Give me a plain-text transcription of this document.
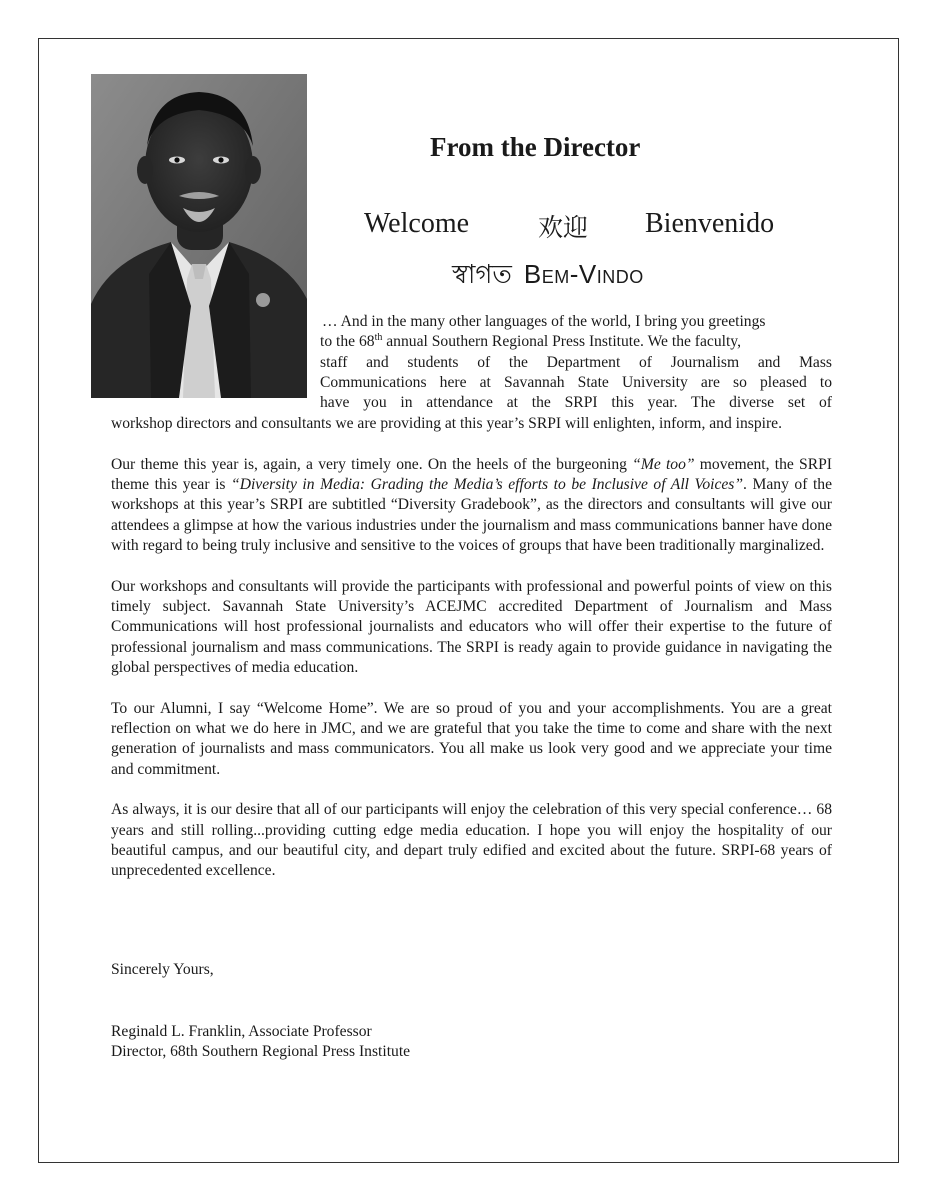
From the Director
Welcome	欢迎 Bienvenido
স্বাগত Bem-Vindo

… And in the many other languages of the world, I bring you greetings

to the 68th annual Southern Regional Press Institute. We the faculty,

staff and students of the Department of Journalism and Mass

Communications here at Savannah State University are so pleased to

have you in attendance at the SRPI this year. The diverse set of

workshop directors and consultants we are providing at this year’s SRPI will enlighten, inform, and inspire.

Our theme this year is, again, a very timely one. On the heels of the burgeoning “Me too” movement, the SRPI theme this year is “Diversity in Media: Grading the Media’s efforts to be Inclusive of All Voices”. Many of the workshops at this year’s SRPI are subtitled “Diversity Gradebook”, as the directors and consultants will give our attendees a glimpse at how the various industries under the journalism and mass communications banner have done with regard to being truly inclusive and sensitive to the voices of groups that have been traditionally marginalized.

Our workshops and consultants will provide the participants with professional and powerful points of view on this timely subject. Savannah State University’s ACEJMC accredited Department of Journalism and Mass Communications will host professional journalists and educators who will offer their expertise to the future of professional journalism and mass communications. The SRPI is ready again to provide guidance in navigating the global perspectives of media education.

To our Alumni, I say “Welcome Home”. We are so proud of you and your accomplishments. You are a great reflection on what we do here in JMC, and we are grateful that you take the time to come and share with the next generation of journalists and mass communicators. You all make us look very good and we appreciate your time and commitment.

As always, it is our desire that all of our participants will enjoy the celebration of this very special conference… 68 years and still rolling...providing cutting edge media education. I hope you will enjoy the hospitality of our beautiful campus, and our beautiful city, and depart truly edified and excited about the future. SRPI-68 years of unprecedented excellence.

Sincerely Yours,
Reginald L. Franklin, Associate Professor
Director, 68th Southern Regional Press Institute
